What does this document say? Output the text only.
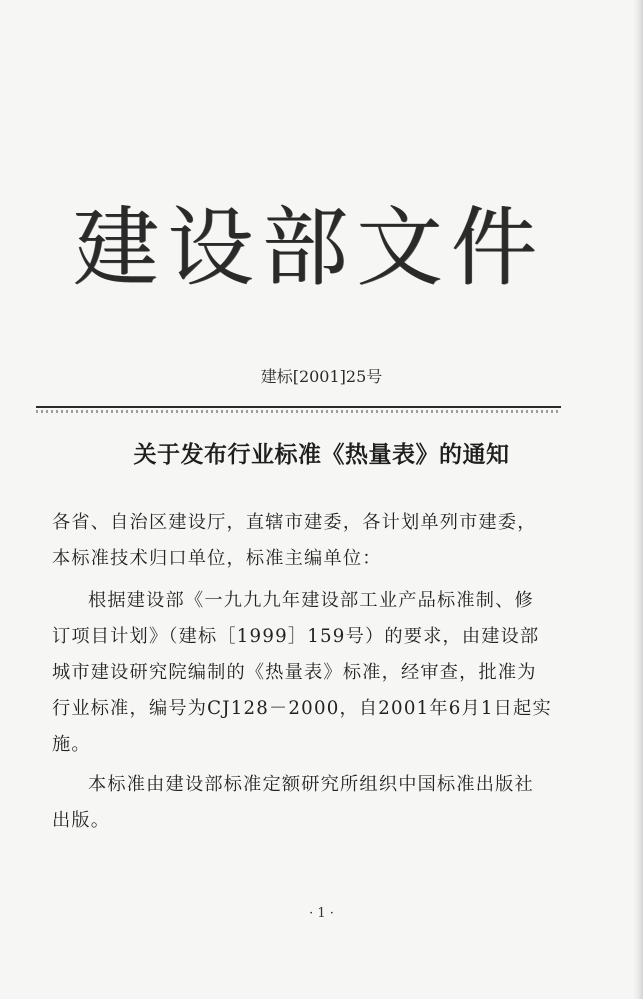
建 设 部 文 件
建标[2001]25号
关于发布行业标准《热量表》的通知
各省、自治区建设厅，直辖市建委，各计划单列市建委，
本标准技术归口单位，标准主编单位：
根据建设部《一九九九年建设部工业产品标准制、修
订项目计划》（建标［1999］159号）的要求，由建设部
城市建设研究院编制的《热量表》标准，经审查，批准为
行业标准，编号为CJ128－2000，自2001年6月1日起实
施。
本标准由建设部标准定额研究所组织中国标准出版社
出版。
· 1 ·
